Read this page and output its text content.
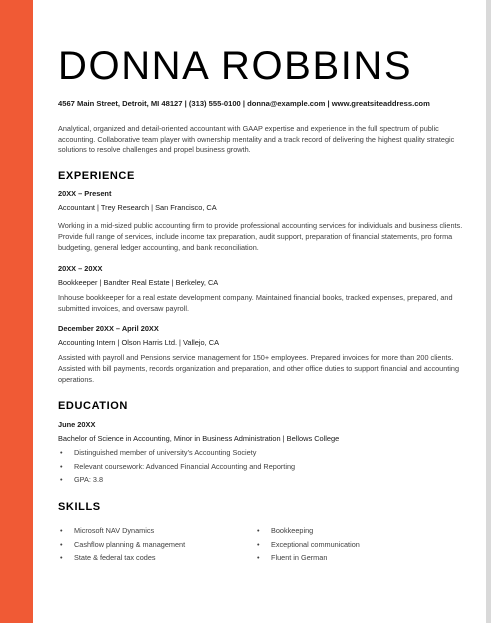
DONNA ROBBINS
4567 Main Street, Detroit, MI 48127 | (313) 555-0100 | donna@example.com | www.greatsiteaddress.com
Analytical, organized and detail-oriented accountant with GAAP expertise and experience in the full spectrum of public accounting. Collaborative team player with ownership mentality and a track record of delivering the highest quality strategic solutions to resolve challenges and propel business growth.
EXPERIENCE
20XX – Present
Accountant | Trey Research | San Francisco, CA
Working in a mid-sized public accounting firm to provide professional accounting services for individuals and business clients. Provide full range of services, include income tax preparation, audit support, preparation of financial statements, pro forma budgeting, general ledger accounting, and bank reconciliation.
20XX – 20XX
Bookkeeper | Bandter Real Estate | Berkeley, CA
Inhouse bookkeeper for a real estate development company. Maintained financial books, tracked expenses, prepared, and submitted invoices, and oversaw payroll.
December 20XX – April 20XX
Accounting Intern | Olson Harris Ltd. | Vallejo, CA
Assisted with payroll and Pensions service management for 150+ employees. Prepared invoices for more than 200 clients. Assisted with bill payments, records organization and preparation, and other office duties to support financial and accounting operations.
EDUCATION
June 20XX
Bachelor of Science in Accounting, Minor in Business Administration | Bellows College
• Distinguished member of university’s Accounting Society
• Relevant coursework: Advanced Financial Accounting and Reporting
• GPA: 3.8
SKILLS
• Microsoft NAV Dynamics
• Cashflow planning & management
• State & federal tax codes
• Bookkeeping
• Exceptional communication
• Fluent in German
